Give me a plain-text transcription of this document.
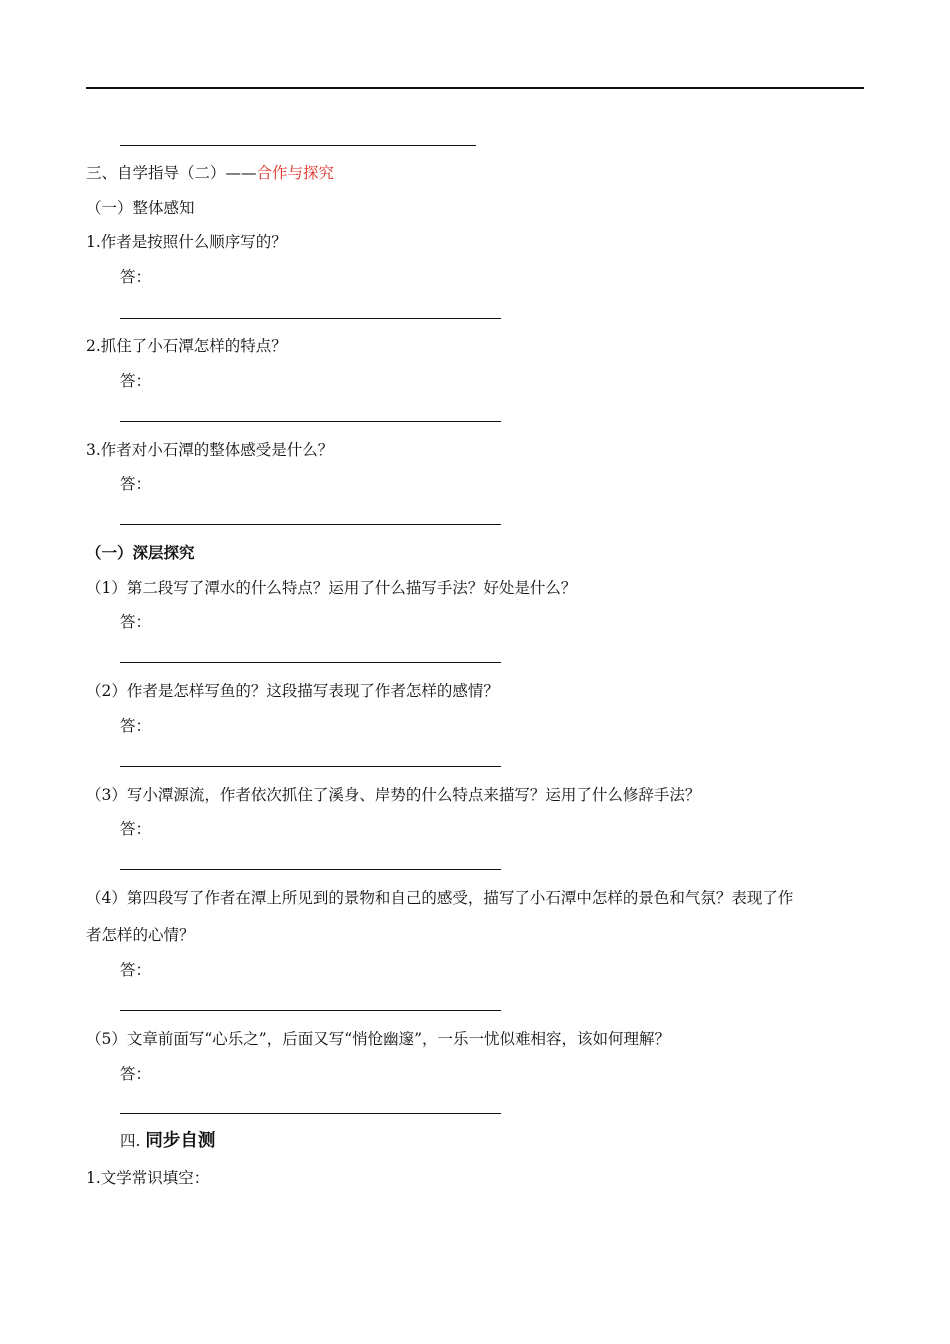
三、自学指导（二）——合作与探究
（一）整体感知
1.作者是按照什么顺序写的？
答：
2.抓住了小石潭怎样的特点？
答：
3.作者对小石潭的整体感受是什么？
答：
（一）深层探究
（1）第二段写了潭水的什么特点？运用了什么描写手法？好处是什么？
答：
（2）作者是怎样写鱼的？这段描写表现了作者怎样的感情？
答：
（3）写小潭源流，作者依次抓住了溪身、岸势的什么特点来描写？运用了什么修辞手法？
答：
（4）第四段写了作者在潭上所见到的景物和自己的感受，描写了小石潭中怎样的景色和气氛？表现了作
者怎样的心情？
答：
（5）文章前面写“心乐之”，后面又写“悄怆幽邃”，一乐一忧似难相容，该如何理解？
答：
四. 同步自测
1.文学常识填空：
